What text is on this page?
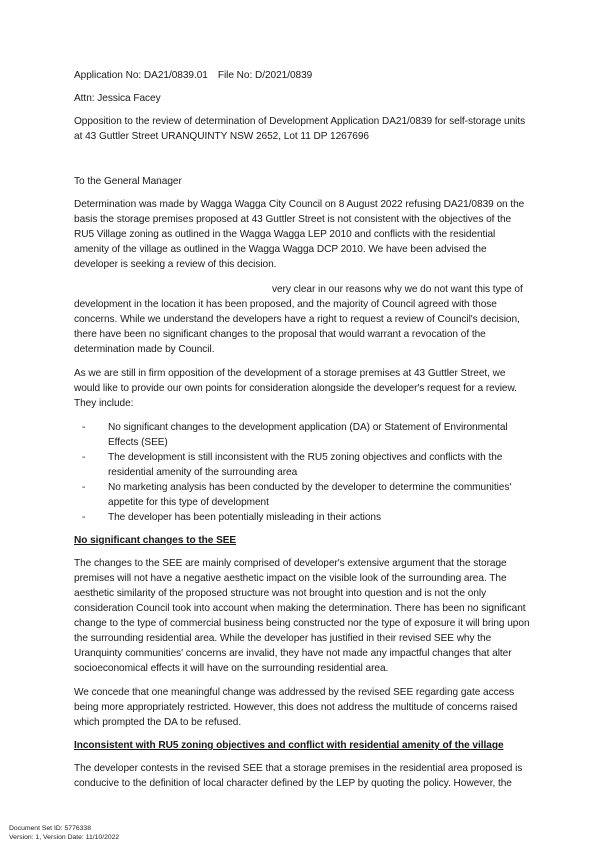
Application No: DA21/0839.01 File No: D/2021/0839

Attn: Jessica Facey

Opposition to the review of determination of Development Application DA21/0839 for self-storage units at 43 Guttler Street URANQUINTY NSW 2652, Lot 11 DP 1267696

To the General Manager

Determination was made by Wagga Wagga City Council on 8 August 2022 refusing DA21/0839 on the basis the storage premises proposed at 43 Guttler Street is not consistent with the objectives of the RU5 Village zoning as outlined in the Wagga Wagga LEP 2010 and conflicts with the residential amenity of the village as outlined in the Wagga Wagga DCP 2010. We have been advised the developer is seeking a review of this decision.

very clear in our reasons why we do not want this type of development in the location it has been proposed, and the majority of Council agreed with those concerns. While we understand the developers have a right to request a review of Council's decision, there have been no significant changes to the proposal that would warrant a revocation of the determination made by Council.

As we are still in firm opposition of the development of a storage premises at 43 Guttler Street, we would like to provide our own points for consideration alongside the developer's request for a review. They include:

- No significant changes to the development application (DA) or Statement of Environmental Effects (SEE)
- The development is still inconsistent with the RU5 zoning objectives and conflicts with the residential amenity of the surrounding area
- No marketing analysis has been conducted by the developer to determine the communities' appetite for this type of development
- The developer has been potentially misleading in their actions

No significant changes to the SEE

The changes to the SEE are mainly comprised of developer's extensive argument that the storage premises will not have a negative aesthetic impact on the visible look of the surrounding area. The aesthetic similarity of the proposed structure was not brought into question and is not the only consideration Council took into account when making the determination. There has been no significant change to the type of commercial business being constructed nor the type of exposure it will bring upon the surrounding residential area. While the developer has justified in their revised SEE why the Uranquinty communities' concerns are invalid, they have not made any impactful changes that alter socioeconomical effects it will have on the surrounding residential area.

We concede that one meaningful change was addressed by the revised SEE regarding gate access being more appropriately restricted. However, this does not address the multitude of concerns raised which prompted the DA to be refused.

Inconsistent with RU5 zoning objectives and conflict with residential amenity of the village

The developer contests in the revised SEE that a storage premises in the residential area proposed is conducive to the definition of local character defined by the LEP by quoting the policy. However, the

Document Set ID: 5776338
Version: 1, Version Date: 11/10/2022
